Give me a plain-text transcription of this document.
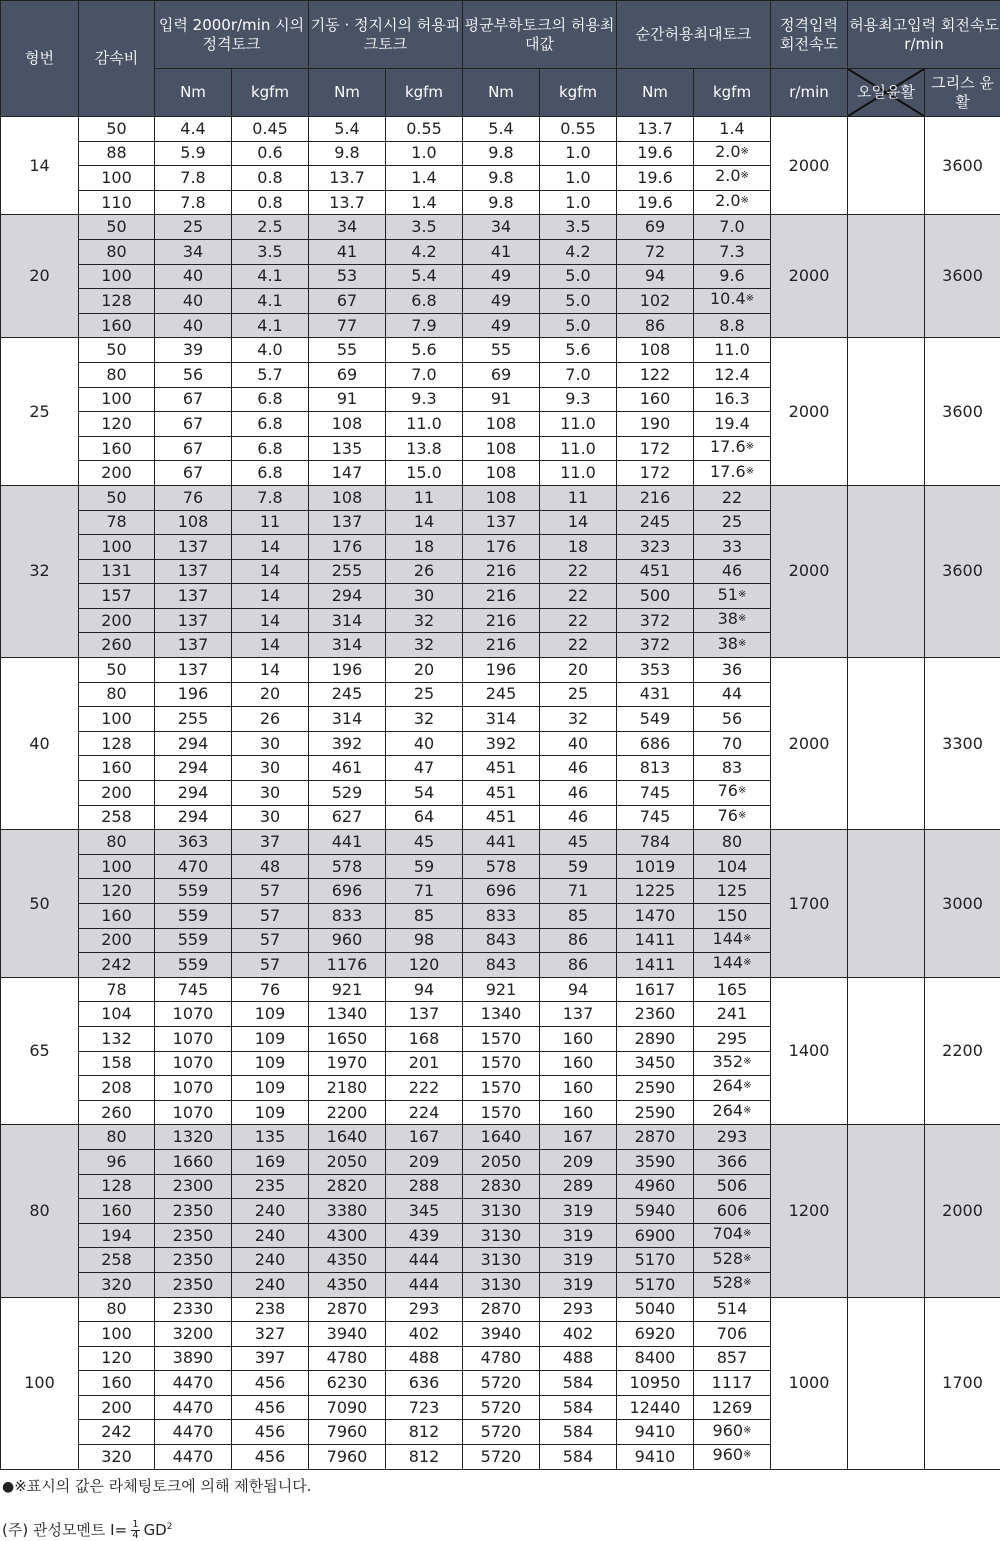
형번	감속비	입력 2000r/min 시의 정격토크		기동 · 정지시의 허용피크토크		평균부하토크의 허용최대값		순간허용최대토크		정격입력 회전속도	허용최고입력 회전속도 r/min	
		Nm	kgfm	Nm	kgfm	Nm	kgfm	Nm	kgfm	r/min	오일윤활	그리스 윤활
14	50	4.4	0.45	5.4	0.55	5.4	0.55	13.7	1.4	2000		3600
	88	5.9	0.6	9.8	1.0	9.8	1.0	19.6	2.0※			
	100	7.8	0.8	13.7	1.4	9.8	1.0	19.6	2.0※			
	110	7.8	0.8	13.7	1.4	9.8	1.0	19.6	2.0※			
20	50	25	2.5	34	3.5	34	3.5	69	7.0	2000		3600
	80	34	3.5	41	4.2	41	4.2	72	7.3			
	100	40	4.1	53	5.4	49	5.0	94	9.6			
	128	40	4.1	67	6.8	49	5.0	102	10.4※			
	160	40	4.1	77	7.9	49	5.0	86	8.8			
25	50	39	4.0	55	5.6	55	5.6	108	11.0	2000		3600
	80	56	5.7	69	7.0	69	7.0	122	12.4			
	100	67	6.8	91	9.3	91	9.3	160	16.3			
	120	67	6.8	108	11.0	108	11.0	190	19.4			
	160	67	6.8	135	13.8	108	11.0	172	17.6※			
	200	67	6.8	147	15.0	108	11.0	172	17.6※			
32	50	76	7.8	108	11	108	11	216	22	2000		3600
	78	108	11	137	14	137	14	245	25			
	100	137	14	176	18	176	18	323	33			
	131	137	14	255	26	216	22	451	46			
	157	137	14	294	30	216	22	500	51※			
	200	137	14	314	32	216	22	372	38※			
	260	137	14	314	32	216	22	372	38※			
40	50	137	14	196	20	196	20	353	36	2000		3300
	80	196	20	245	25	245	25	431	44			
	100	255	26	314	32	314	32	549	56			
	128	294	30	392	40	392	40	686	70			
	160	294	30	461	47	451	46	813	83			
	200	294	30	529	54	451	46	745	76※			
	258	294	30	627	64	451	46	745	76※			
50	80	363	37	441	45	441	45	784	80	1700		3000
	100	470	48	578	59	578	59	1019	104			
	120	559	57	696	71	696	71	1225	125			
	160	559	57	833	85	833	85	1470	150			
	200	559	57	960	98	843	86	1411	144※			
	242	559	57	1176	120	843	86	1411	144※			
65	78	745	76	921	94	921	94	1617	165	1400		2200
	104	1070	109	1340	137	1340	137	2360	241			
	132	1070	109	1650	168	1570	160	2890	295			
	158	1070	109	1970	201	1570	160	3450	352※			
	208	1070	109	2180	222	1570	160	2590	264※			
	260	1070	109	2200	224	1570	160	2590	264※			
80	80	1320	135	1640	167	1640	167	2870	293	1200		2000
	96	1660	169	2050	209	2050	209	3590	366			
	128	2300	235	2820	288	2830	289	4960	506			
	160	2350	240	3380	345	3130	319	5940	606			
	194	2350	240	4300	439	3130	319	6900	704※			
	258	2350	240	4350	444	3130	319	5170	528※			
	320	2350	240	4350	444	3130	319	5170	528※			
100	80	2330	238	2870	293	2870	293	5040	514	1000		1700
	100	3200	327	3940	402	3940	402	6920	706			
	120	3890	397	4780	488	4780	488	8400	857			
	160	4470	456	6230	636	5720	584	10950	1117			
	200	4470	456	7090	723	5720	584	12440	1269			
	242	4470	456	7960	812	5720	584	9410	960※			
	320	4470	456	7960	812	5720	584	9410	960※			
●※표시의 값은 라체팅토크에 의해 제한됩니다.
(주) 관성모멘트 $I= \frac{1}{4} GD^2$
